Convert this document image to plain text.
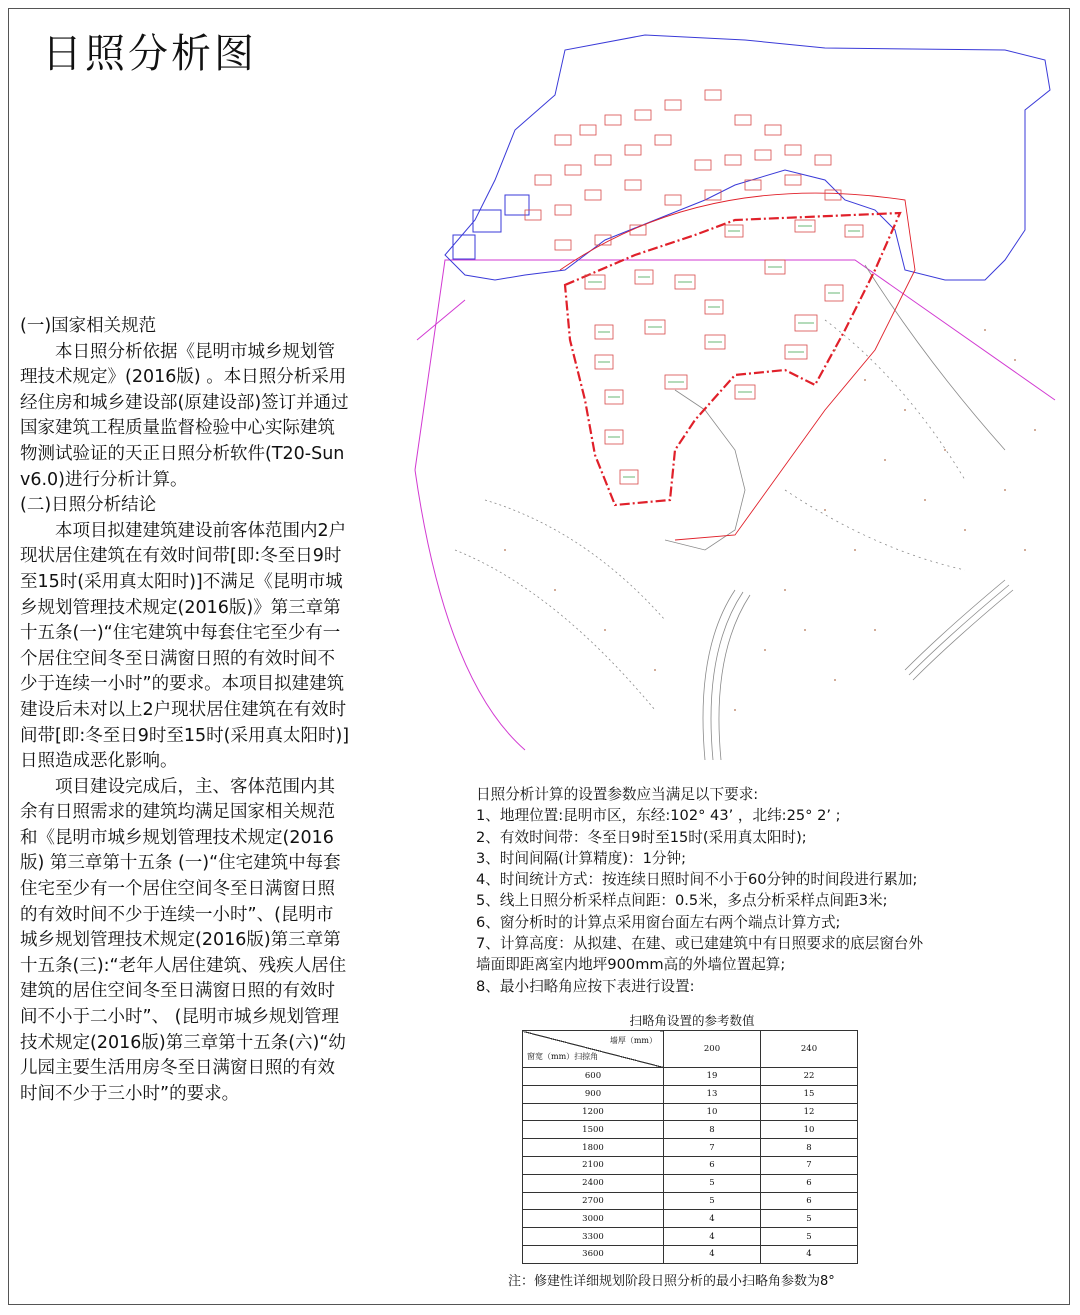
日照分析图

(一)国家相关规范

本日照分析依据《昆明市城乡规划管理技术规定》(2016版) 。本日照分析采用经住房和城乡建设部(原建设部)签订并通过国家建筑工程质量监督检验中心实际建筑物测试验证的天正日照分析软件(T20-Sun v6.0)进行分析计算。

(二)日照分析结论

本项目拟建建筑建设前客体范围内2户现状居住建筑在有效时间带[即:冬至日9时至15时(采用真太阳时)]不满足《昆明市城乡规划管理技术规定(2016版)》第三章第十五条(一)“住宅建筑中每套住宅至少有一个居住空间冬至日满窗日照的有效时间不少于连续一小时”的要求。本项目拟建建筑建设后未对以上2户现状居住建筑在有效时间带[即:冬至日9时至15时(采用真太阳时)]日照造成恶化影响。

项目建设完成后，主、客体范围内其余有日照需求的建筑均满足国家相关规范和《昆明市城乡规划管理技术规定(2016版) 第三章第十五条 (一)“住宅建筑中每套住宅至少有一个居住空间冬至日满窗日照的有效时间不少于连续一小时”、(昆明市城乡规划管理技术规定(2016版)第三章第十五条(三):“老年人居住建筑、残疾人居住建筑的居住空间冬至日满窗日照的有效时间不小于二小时”、 (昆明市城乡规划管理技术规定(2016版)第三章第十五条(六)“幼儿园主要生活用房冬至日满窗日照的有效时间不少于三小时”的要求。

日照分析计算的设置参数应当满足以下要求:
1、地理位置:昆明市区，东经:102° 43’ ，北纬:25° 2’ ;
2、有效时间带：冬至日9时至15时(采用真太阳时);
3、时间间隔(计算精度)：1分钟;
4、时间统计方式：按连续日照时间不小于60分钟的时间段进行累加;
5、线上日照分析采样点间距：0.5米，多点分析采样点间距3米;
6、窗分析时的计算点采用窗台面左右两个端点计算方式;
7、计算高度：从拟建、在建、或已建建筑中有日照要求的底层窗台外
墙面即距离室内地坪900mm高的外墙位置起算;
8、最小扫略角应按下表进行设置:
扫略角设置的参考数值
墙厚（mm）
窗宽（mm）扫掠角	200	240
600	19	22
900	13	15
1200	10	12
1500	8	10
1800	7	8
2100	6	7
2400	5	6
2700	5	6
3000	4	5
3300	4	5
3600	4	4
注：修建性详细规划阶段日照分析的最小扫略角参数为8°
